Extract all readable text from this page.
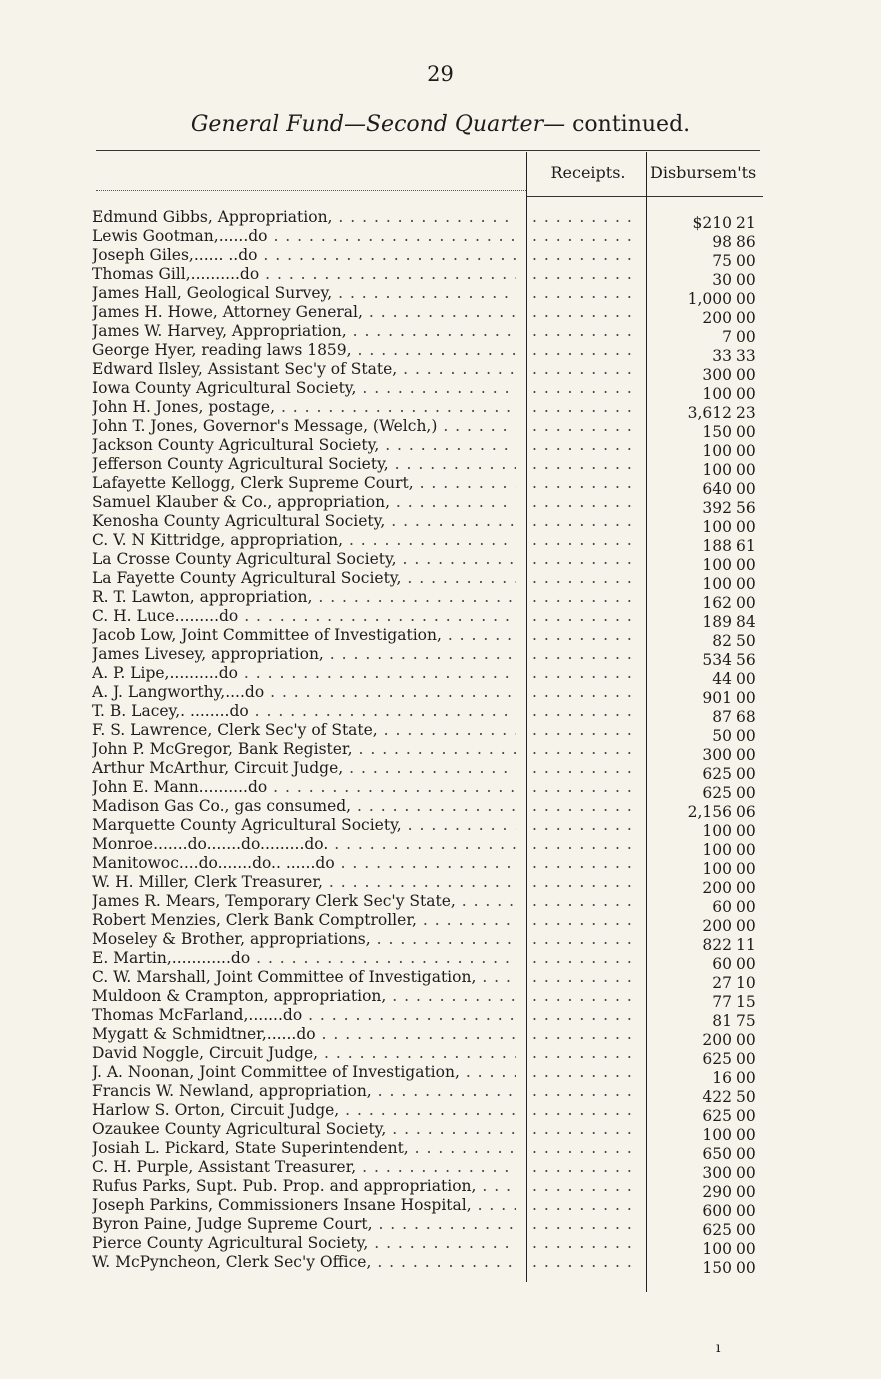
29
General Fund—Second Quarter— continued.
Receipts.	Disbursem'ts
Edmund Gibbs, Appropriation, . . . . . .	$210 21
Lewis Gootman,......do . . . . . .	98 86
Joseph Giles,...... ..do . . . . . .	75 00
Thomas Gill,..........do . . . . . .	30 00
James Hall, Geological Survey, . . . . . .	1,000 00
James H. Howe, Attorney General, . . . . . .	200 00
James W. Harvey, Appropriation, . . . . . .	7 00
George Hyer, reading laws 1859, . . . . . .	33 33
Edward Ilsley, Assistant Sec'y of State, . . . . . .	300 00
Iowa County Agricultural Society, . . . . . .	100 00
John H. Jones, postage, . . . . . .	3,612 23
John T. Jones, Governor's Message, (Welch,) . . . . . .	150 00
Jackson County Agricultural Society, . . . . . .	100 00
Jefferson County Agricultural Society, . . . . . .	100 00
Lafayette Kellogg, Clerk Supreme Court, . . . . . .	640 00
Samuel Klauber & Co., appropriation, . . . . . .	392 56
Kenosha County Agricultural Society, . . . . . .	100 00
C. V. N Kittridge, appropriation, . . . . . .	188 61
La Crosse County Agricultural Society, . . . . . .	100 00
La Fayette County Agricultural Society, . . . . . .	100 00
R. T. Lawton, appropriation, . . . . . .	162 00
C. H. Luce.........do . . . . . .	189 84
Jacob Low, Joint Committee of Investigation, . . . . . .	82 50
James Livesey, appropriation, . . . . . .	534 56
A. P. Lipe,..........do . . . . . .	44 00
A. J. Langworthy,....do . . . . . .	901 00
T. B. Lacey,. ........do . . . . . .	87 68
F. S. Lawrence, Clerk Sec'y of State, . . . . . .	50 00
John P. McGregor, Bank Register, . . . . . .	300 00
Arthur McArthur, Circuit Judge, . . . . . .	625 00
John E. Mann..........do . . . . . .	625 00
Madison Gas Co., gas consumed, . . . . . .	2,156 06
Marquette County Agricultural Society, . . . . . .	100 00
Monroe.......do.......do.........do. . . . . . .	100 00
Manitowoc....do.......do.. ......do . . . . . .	100 00
W. H. Miller, Clerk Treasurer, . . . . . .	200 00
James R. Mears, Temporary Clerk Sec'y State, . . . . . .	60 00
Robert Menzies, Clerk Bank Comptroller, . . . . . .	200 00
Moseley & Brother, appropriations, . . . . . .	822 11
E. Martin,............do . . . . . .	60 00
C. W. Marshall, Joint Committee of Investigation, . . . . . .	27 10
Muldoon & Crampton, appropriation, . . . . . .	77 15
Thomas McFarland,.......do . . . . . .	81 75
Mygatt & Schmidtner,......do . . . . . .	200 00
David Noggle, Circuit Judge, . . . . . .	625 00
J. A. Noonan, Joint Committee of Investigation, . . . . . .	16 00
Francis W. Newland, appropriation, . . . . . .	422 50
Harlow S. Orton, Circuit Judge, . . . . . .	625 00
Ozaukee County Agricultural Society, . . . . . .	100 00
Josiah L. Pickard, State Superintendent, . . . . . .	650 00
C. H. Purple, Assistant Treasurer, . . . . . .	300 00
Rufus Parks, Supt. Pub. Prop. and appropriation, . . . . . .	290 00
Joseph Parkins, Commissioners Insane Hospital, . . . . . .	600 00
Byron Paine, Judge Supreme Court, . . . . . .	625 00
Pierce County Agricultural Society, . . . . . .	100 00
W. McPyncheon, Clerk Sec'y Office, . . . . . .	150 00
ı
